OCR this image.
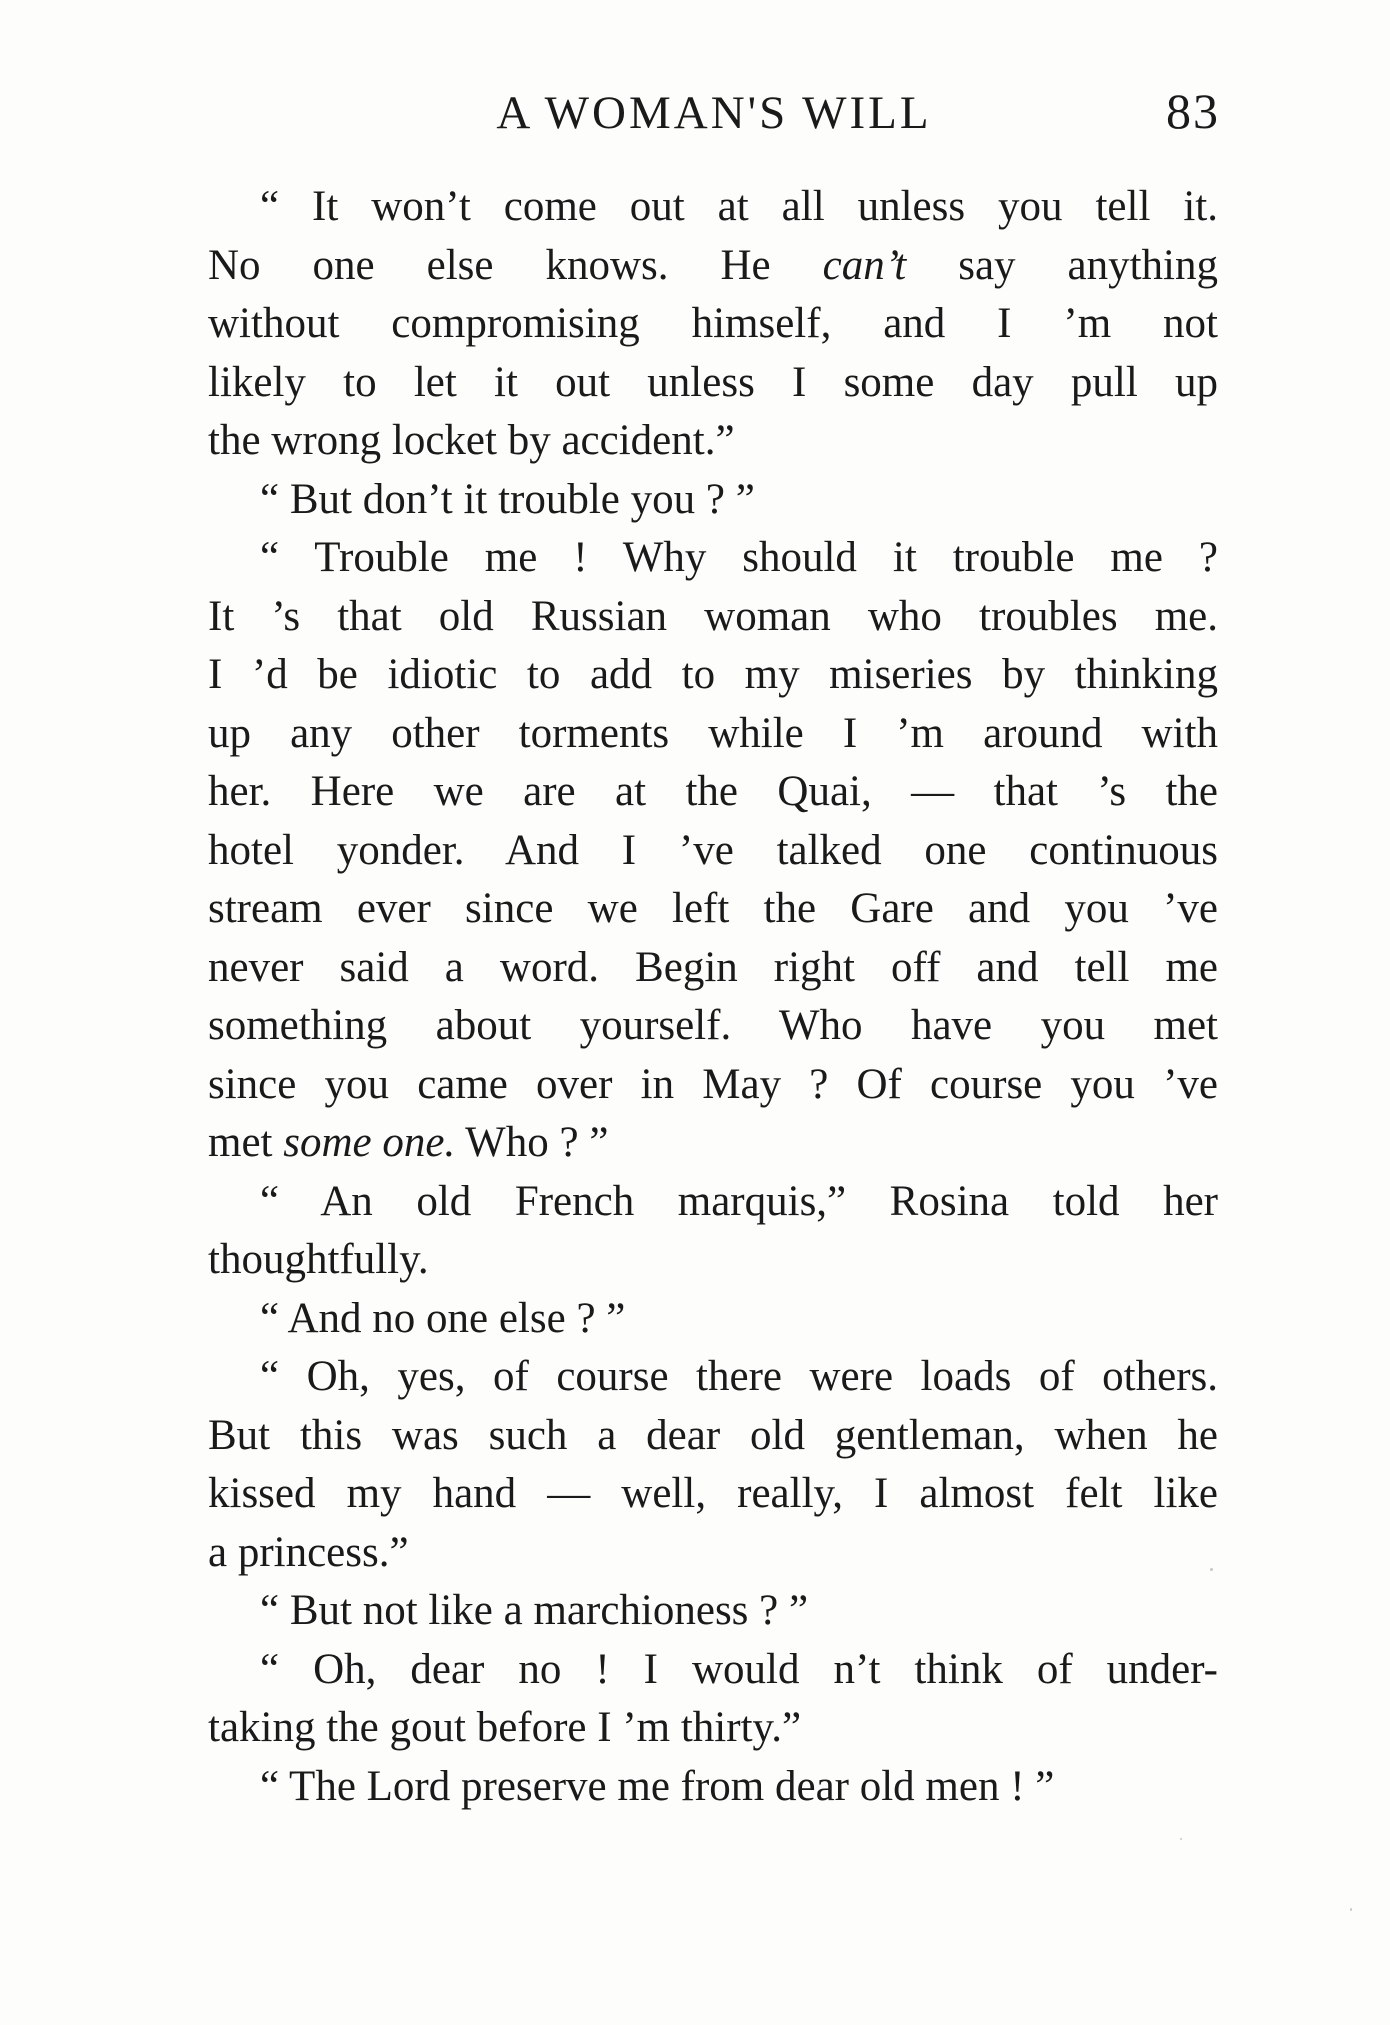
A WOMAN'S WILL	83
“ It won’t come out at all unless you tell it.
No one else knows. He can’t say anything
without compromising himself, and I ’m not
likely to let it out unless I some day pull up
the wrong locket by accident.”
“ But don’t it trouble you ? ”
“ Trouble me ! Why should it trouble me ?
It ’s that old Russian woman who troubles me.
I ’d be idiotic to add to my miseries by thinking
up any other torments while I ’m around with
her. Here we are at the Quai, — that ’s the
hotel yonder. And I ’ve talked one continuous
stream ever since we left the Gare and you ’ve
never said a word. Begin right off and tell me
something about yourself. Who have you met
since you came over in May ? Of course you ’ve
met some one. Who ? ”
“ An old French marquis,” Rosina told her
thoughtfully.
“ And no one else ? ”
“ Oh, yes, of course there were loads of others.
But this was such a dear old gentleman, when he
kissed my hand — well, really, I almost felt like
a princess.”
“ But not like a marchioness ? ”
“ Oh, dear no ! I would n’t think of under-
taking the gout before I ’m thirty.”
“ The Lord preserve me from dear old men ! ”
